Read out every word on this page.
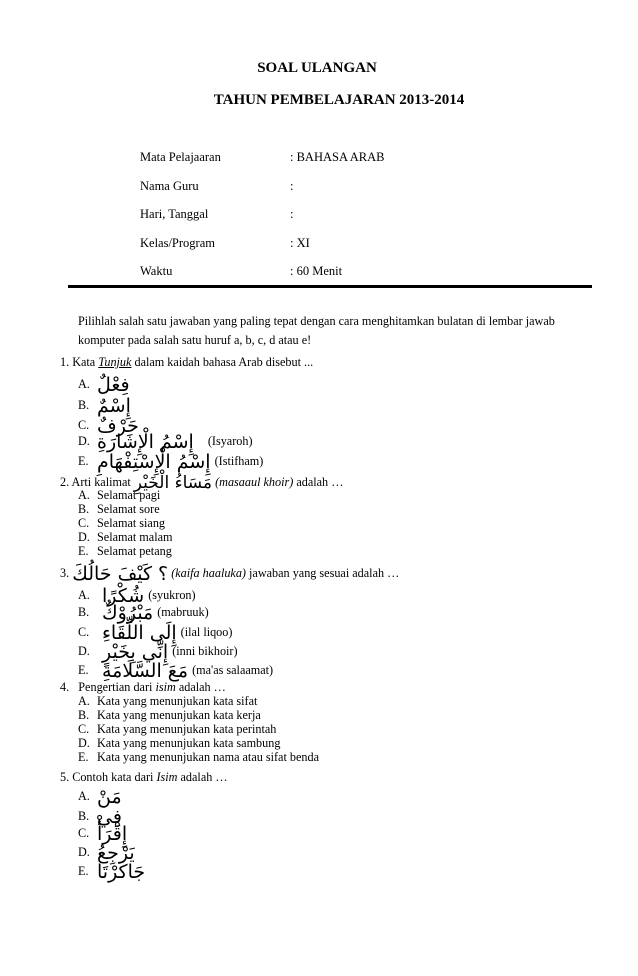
SOAL ULANGAN
TAHUN PEMBELAJARAN 2013-2014
Mata Pelajaaran	: BAHASA ARAB
Nama Guru	:
Hari, Tanggal	:
Kelas/Program	: XI
Waktu	: 60 Menit
Pilihlah salah satu jawaban yang paling tepat dengan cara menghitamkan bulatan di lembar jawab
komputer pada salah satu huruf a, b, c, d atau e!
1. Kata Tunjuk dalam kaidah bahasa Arab disebut ...
A. فِعْلٌ
B. إِسْمٌ
C. حَرْفٌ
D. إِسْمُ الْإِشَارَةِ (Isyaroh)
E. إِسْمُ الْإِسْتِفْهَامِ (Istifham)
2. Arti kalimat مَسَاءُ الْخَيْرِ (masaaul khoir) adalah …
A. Selamat pagi
B. Selamat sore
C. Selamat siang
D. Selamat malam
E. Selamat petang
3. ؟ كَيْفَ حَالُكَ (kaifa haaluka) jawaban yang sesuai adalah …
A. شُكْرًا (syukron)
B. مَبْرُوْكٌ (mabruuk)
C. إِلَى اللِّقَاءِ (ilal liqoo)
D. إِنِّي بِخَيْرٍ (inni bikhoir)
E. مَعَ السَّلَامَةِ (ma'as salaamat)
4.   Pengertian dari isim adalah …
A. Kata yang menunjukan kata sifat
B. Kata yang menunjukan kata kerja
C. Kata yang menunjukan kata perintah
D. Kata yang menunjukan kata sambung
E. Kata yang menunjukan nama atau sifat benda
5. Contoh kata dari Isim adalah …
A. مَنْ
B. فِي
C. إِقْرَأْ
D. يَرْجِعُ
E. جَاكَرْتَا
